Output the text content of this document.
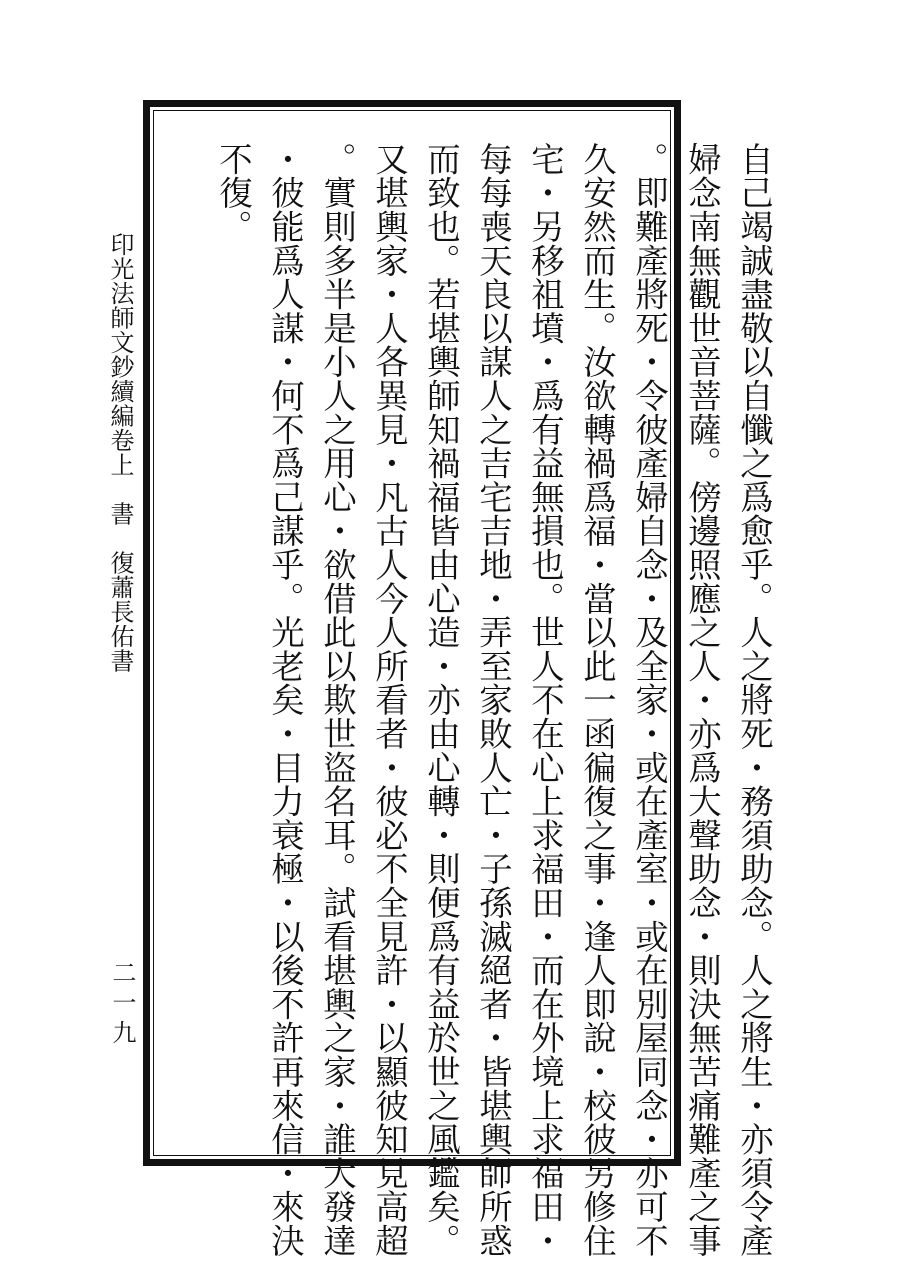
印光法師文鈔續編卷上　書　復蕭長佑書
二一九	自己竭誠盡敬以自懺之爲愈乎。人之將死・務須助念。人之將生・亦須令產
婦念南無觀世音菩薩。傍邊照應之人・亦爲大聲助念・則決無苦痛難產之事
。即難產將死・令彼產婦自念・及全家・或在產室・或在別屋同念・亦可不
久安然而生。汝欲轉禍爲福・當以此一函徧復之事・逢人即說・校彼另修住
宅・另移祖墳・爲有益無損也。世人不在心上求福田・而在外境上求福田・
每每喪天良以謀人之吉宅吉地・弄至家敗人亡・子孫滅絕者・皆堪輿師所惑
而致也。若堪輿師知禍福皆由心造・亦由心轉・則便爲有益於世之風鑑矣。
又堪輿家・人各異見・凡古人今人所看者・彼必不全見許・以顯彼知見高超
。實則多半是小人之用心・欲借此以欺世盜名耳。試看堪輿之家・誰大發達
・彼能爲人謀・何不爲己謀乎。光老矣・目力衰極・以後不許再來信・來決
不復。
